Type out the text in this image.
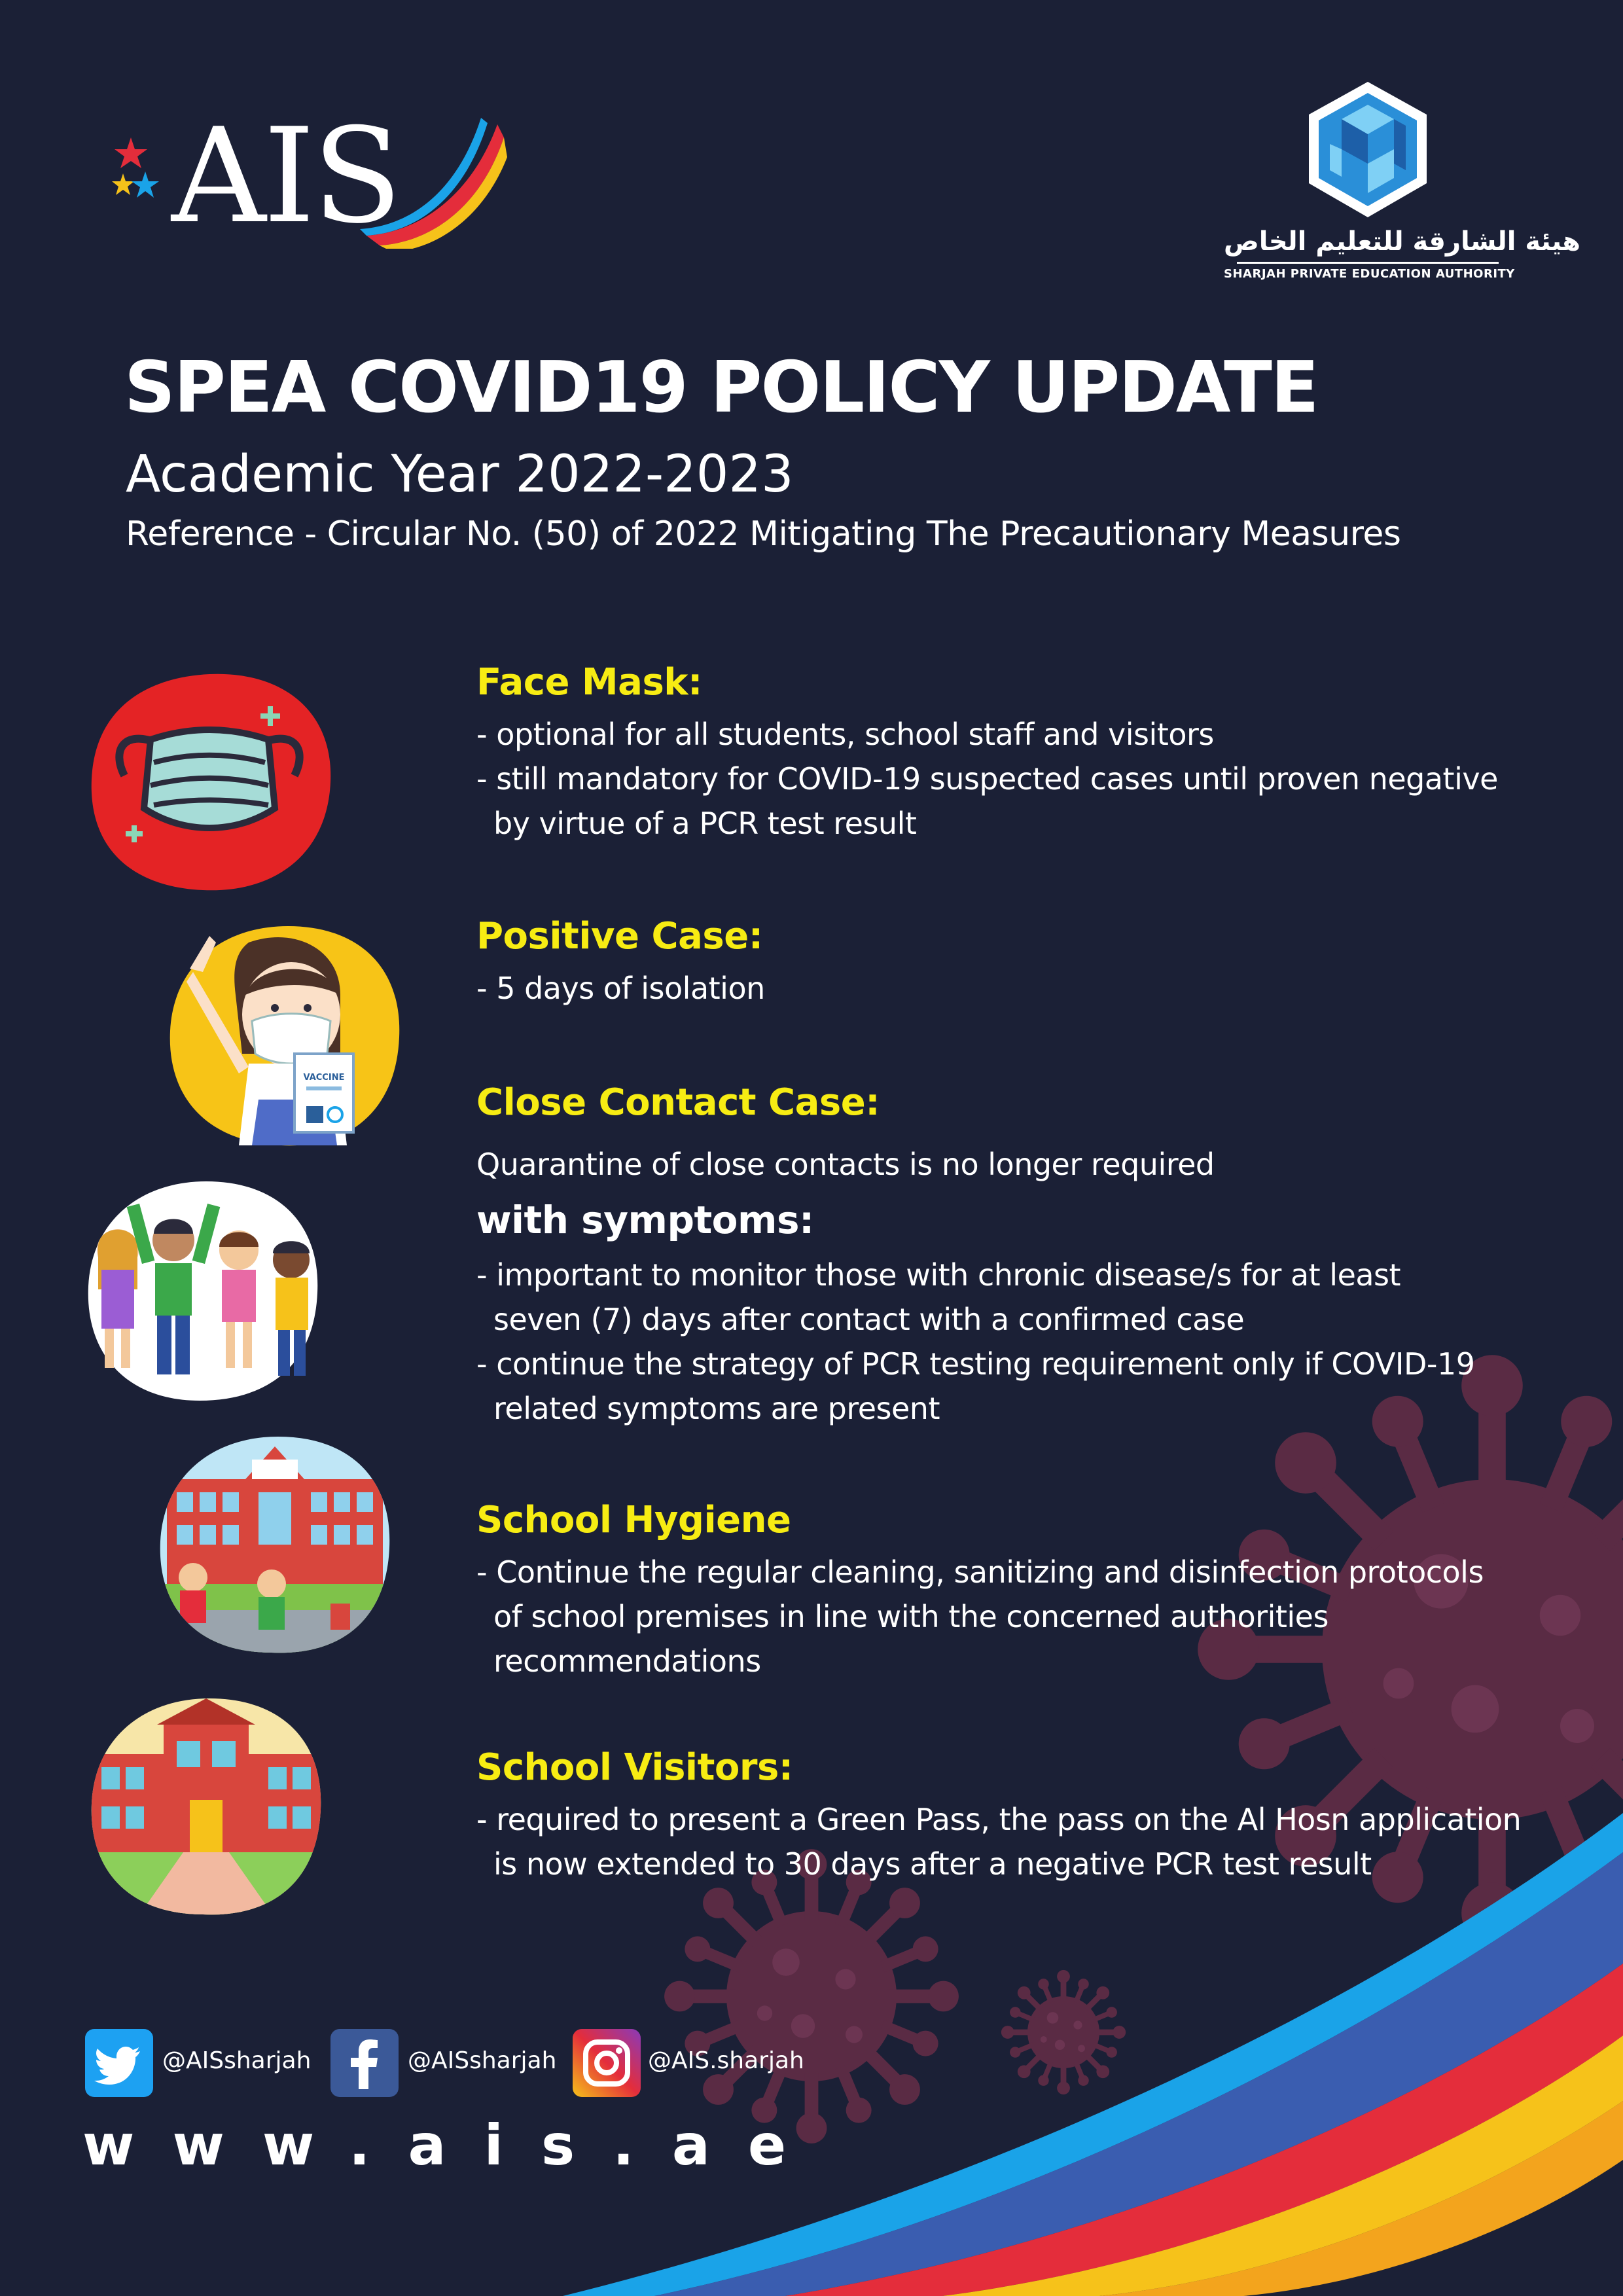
AIS	هيئة الشارقة للتعليم الخاص
SHARJAH PRIVATE EDUCATION AUTHORITY
SPEA COVID19 POLICY UPDATE
Academic Year 2022-2023
Reference - Circular No. (50) of 2022 Mitigating The Precautionary Measures
VACCINE
Face Mask:
- optional for all students, school staff and visitors
- still mandatory for COVID-19 suspected cases until proven negative
by virtue of a PCR test result
Positive Case:
- 5 days of isolation
Close Contact Case:
Quarantine of close contacts is no longer required
with symptoms:
- important to monitor those with chronic disease/s for at least
seven (7) days after contact with a confirmed case
- continue the strategy of PCR testing requirement only if COVID-19
related symptoms are present
School Hygiene
- Continue the regular cleaning, sanitizing and disinfection protocols
of school premises in line with the concerned authorities
recommendations
School Visitors:
- required to present a Green Pass, the pass on the Al Hosn application
is now extended to 30 days after a negative PCR test result
@AISsharjah	@AISsharjah	@AIS.sharjah
www.ais.ae
